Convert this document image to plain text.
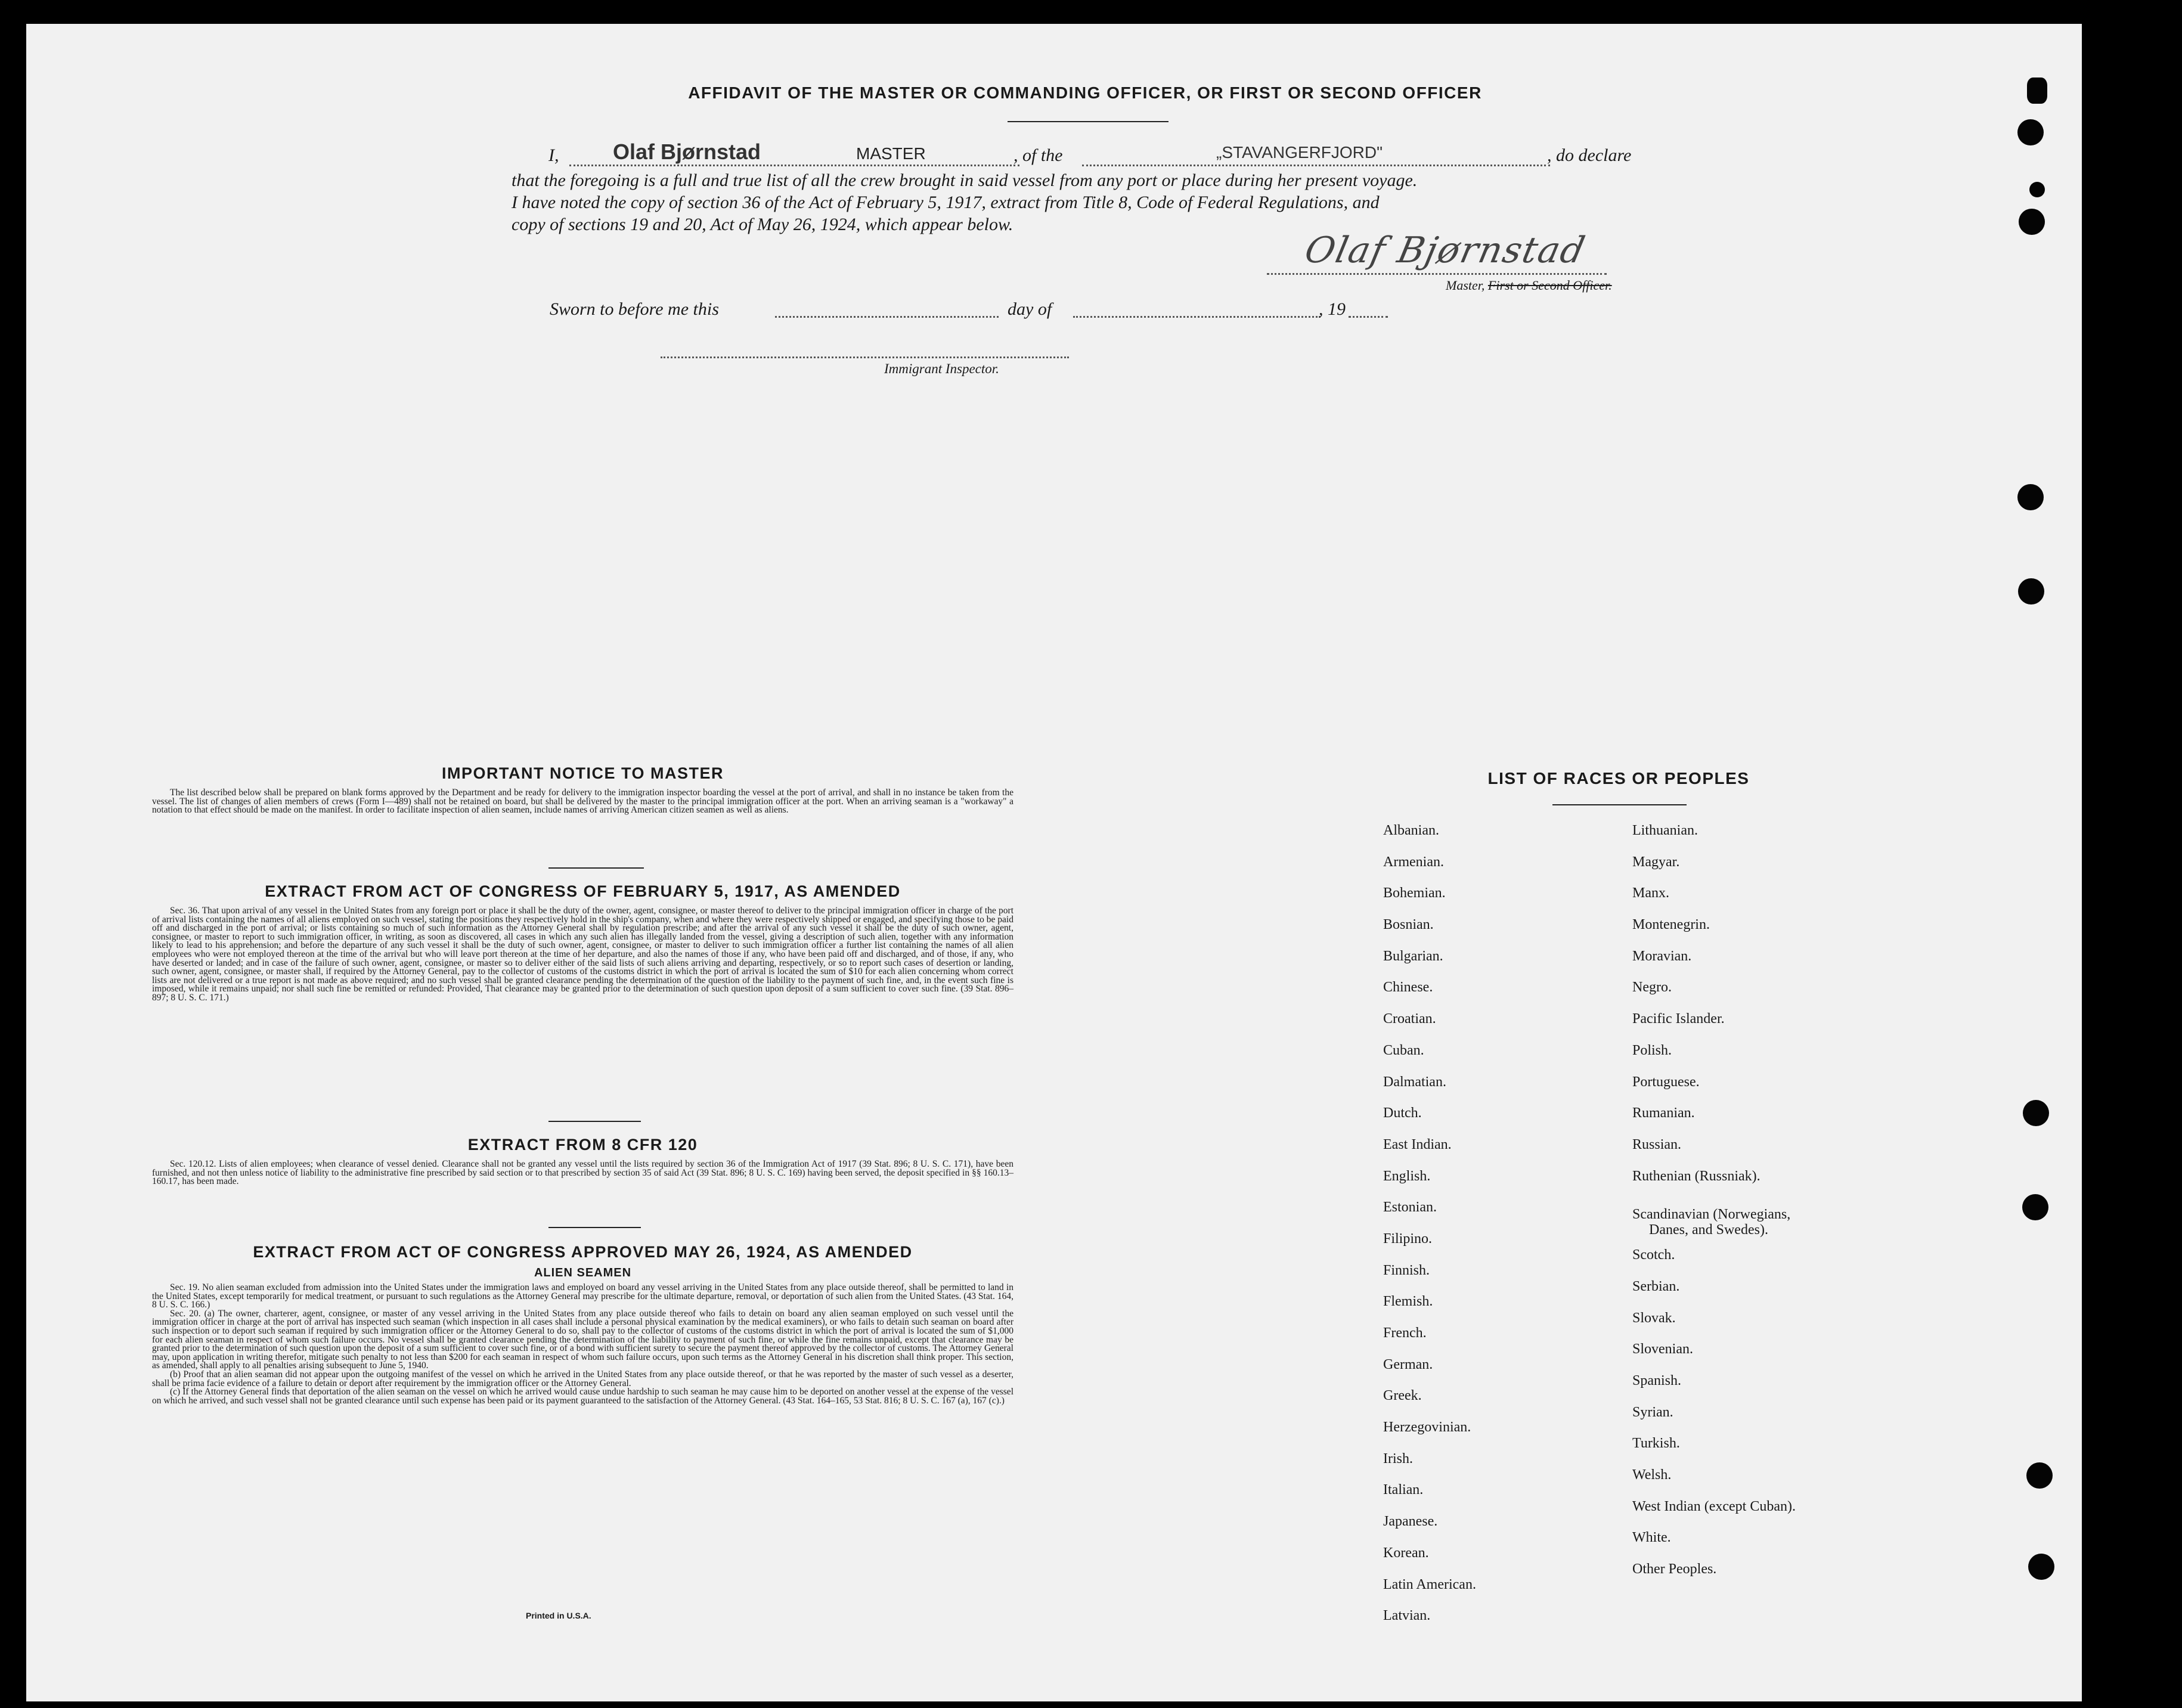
AFFIDAVIT OF THE MASTER OR COMMANDING OFFICER, OR FIRST OR SECOND OFFICER
I,	Olaf Bjørnstad	MASTER	, of the	„STAVANGERFJORD"	, do declare
that the foregoing is a full and true list of all the crew brought in said vessel from any port or place during her present voyage.
I have noted the copy of section 36 of the Act of February 5, 1917, extract from Title 8, Code of Federal Regulations, and
copy of sections 19 and 20, Act of May 26, 1924, which appear below.
Olaf Bjørnstad
Master, First or Second Officer.
Sworn to before me this	day of	, 19
Immigrant Inspector.
IMPORTANT NOTICE TO MASTER

The list described below shall be prepared on blank forms approved by the Department and be ready for delivery to the immigration inspector boarding the vessel at the port of arrival, and shall in no instance be taken from the vessel. The list of changes of alien members of crews (Form I—489) shall not be retained on board, but shall be delivered by the master to the principal immigration officer at the port. When an arriving seaman is a "workaway" a notation to that effect should be made on the manifest. In order to facilitate inspection of alien seamen, include names of arriving American citizen seamen as well as aliens.

EXTRACT FROM ACT OF CONGRESS OF FEBRUARY 5, 1917, AS AMENDED

Sec. 36. That upon arrival of any vessel in the United States from any foreign port or place it shall be the duty of the owner, agent, consignee, or master thereof to deliver to the principal immigration officer in charge of the port of arrival lists containing the names of all aliens employed on such vessel, stating the positions they respectively hold in the ship's company, when and where they were respectively shipped or engaged, and specifying those to be paid off and discharged in the port of arrival; or lists containing so much of such information as the Attorney General shall by regulation prescribe; and after the arrival of any such vessel it shall be the duty of such owner, agent, consignee, or master to report to such immigration officer, in writing, as soon as discovered, all cases in which any such alien has illegally landed from the vessel, giving a description of such alien, together with any information likely to lead to his apprehension; and before the departure of any such vessel it shall be the duty of such owner, agent, consignee, or master to deliver to such immigration officer a further list containing the names of all alien employees who were not employed thereon at the time of the arrival but who will leave port thereon at the time of her departure, and also the names of those if any, who have been paid off and discharged, and of those, if any, who have deserted or landed; and in case of the failure of such owner, agent, consignee, or master so to deliver either of the said lists of such aliens arriving and departing, respectively, or so to report such cases of desertion or landing, such owner, agent, consignee, or master shall, if required by the Attorney General, pay to the collector of customs of the customs district in which the port of arrival is located the sum of $10 for each alien concerning whom correct lists are not delivered or a true report is not made as above required; and no such vessel shall be granted clearance pending the determination of the question of the liability to the payment of such fine, and, in the event such fine is imposed, while it remains unpaid; nor shall such fine be remitted or refunded: Provided, That clearance may be granted prior to the determination of such question upon deposit of a sum sufficient to cover such fine. (39 Stat. 896–897; 8 U. S. C. 171.)

EXTRACT FROM 8 CFR 120

Sec. 120.12. Lists of alien employees; when clearance of vessel denied. Clearance shall not be granted any vessel until the lists required by section 36 of the Immigration Act of 1917 (39 Stat. 896; 8 U. S. C. 171), have been furnished, and not then unless notice of liability to the administrative fine prescribed by said section or to that prescribed by section 35 of said Act (39 Stat. 896; 8 U. S. C. 169) having been served, the deposit specified in §§ 160.13–160.17, has been made.

EXTRACT FROM ACT OF CONGRESS APPROVED MAY 26, 1924, AS AMENDED
ALIEN SEAMEN

Sec. 19. No alien seaman excluded from admission into the United States under the immigration laws and employed on board any vessel arriving in the United States from any place outside thereof, shall be permitted to land in the United States, except temporarily for medical treatment, or pursuant to such regulations as the Attorney General may prescribe for the ultimate departure, removal, or deportation of such alien from the United States. (43 Stat. 164, 8 U. S. C. 166.)

Sec. 20. (a) The owner, charterer, agent, consignee, or master of any vessel arriving in the United States from any place outside thereof who fails to detain on board any alien seaman employed on such vessel until the immigration officer in charge at the port of arrival has inspected such seaman (which inspection in all cases shall include a personal physical examination by the medical examiners), or who fails to detain such seaman on board after such inspection or to deport such seaman if required by such immigration officer or the Attorney General to do so, shall pay to the collector of customs of the customs district in which the port of arrival is located the sum of $1,000 for each alien seaman in respect of whom such failure occurs. No vessel shall be granted clearance pending the determination of the liability to payment of such fine, or while the fine remains unpaid, except that clearance may be granted prior to the determination of such question upon the deposit of a sum sufficient to cover such fine, or of a bond with sufficient surety to secure the payment thereof approved by the collector of customs. The Attorney General may, upon application in writing therefor, mitigate such penalty to not less than $200 for each seaman in respect of whom such failure occurs, upon such terms as the Attorney General in his discretion shall think proper. This section, as amended, shall apply to all penalties arising subsequent to June 5, 1940.

(b) Proof that an alien seaman did not appear upon the outgoing manifest of the vessel on which he arrived in the United States from any place outside thereof, or that he was reported by the master of such vessel as a deserter, shall be prima facie evidence of a failure to detain or deport after requirement by the immigration officer or the Attorney General.

(c) If the Attorney General finds that deportation of the alien seaman on the vessel on which he arrived would cause undue hardship to such seaman he may cause him to be deported on another vessel at the expense of the vessel on which he arrived, and such vessel shall not be granted clearance until such expense has been paid or its payment guaranteed to the satisfaction of the Attorney General. (43 Stat. 164–165, 53 Stat. 816; 8 U. S. C. 167 (a), 167 (c).)

Printed in U.S.A.
LIST OF RACES OR PEOPLES
Albanian.
Armenian.
Bohemian.
Bosnian.
Bulgarian.
Chinese.
Croatian.
Cuban.
Dalmatian.
Dutch.
East Indian.
English.
Estonian.
Filipino.
Finnish.
Flemish.
French.
German.
Greek.
Herzegovinian.
Irish.
Italian.
Japanese.
Korean.
Latin American.
Latvian.
Lithuanian.
Magyar.
Manx.
Montenegrin.
Moravian.
Negro.
Pacific Islander.
Polish.
Portuguese.
Rumanian.
Russian.
Ruthenian (Russniak).
Scandinavian (Norwegians,
Danes, and Swedes).
Scotch.
Serbian.
Slovak.
Slovenian.
Spanish.
Syrian.
Turkish.
Welsh.
West Indian (except Cuban).
White.
Other Peoples.
